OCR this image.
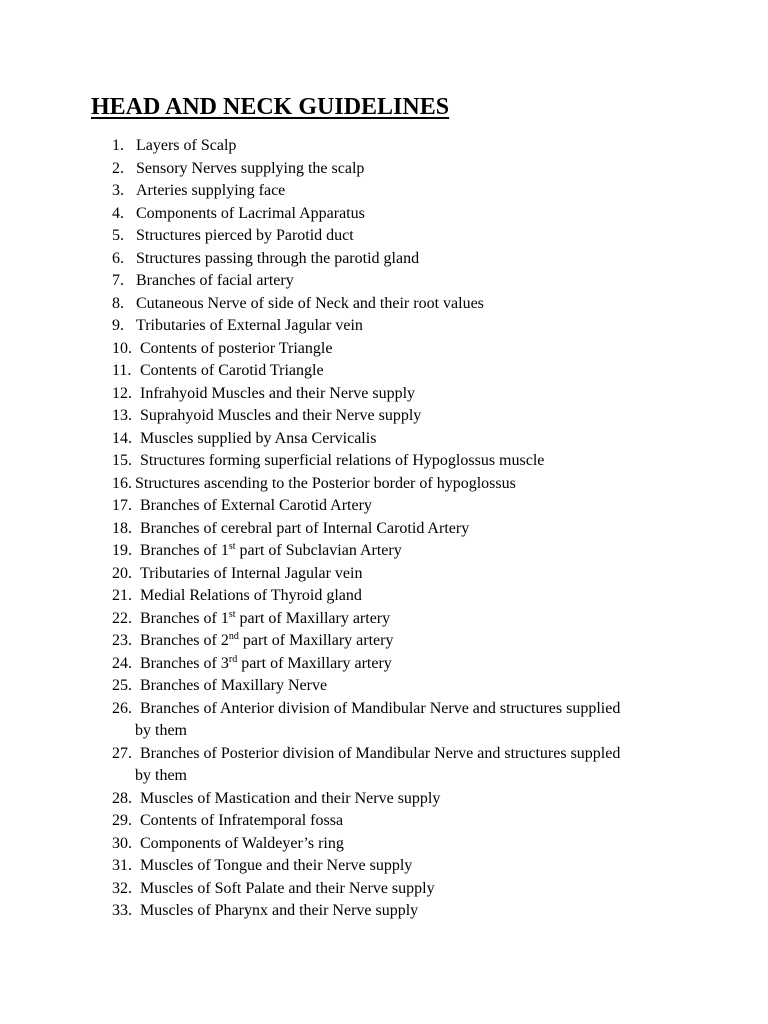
HEAD AND NECK GUIDELINES
1. Layers of Scalp
2. Sensory Nerves supplying the scalp
3. Arteries supplying face
4. Components of Lacrimal Apparatus
5. Structures pierced by Parotid duct
6. Structures passing through the parotid gland
7. Branches of facial artery
8. Cutaneous Nerve of side of Neck and their root values
9. Tributaries of External Jagular vein
10. Contents of posterior Triangle
11. Contents of Carotid Triangle
12. Infrahyoid Muscles and their Nerve supply
13. Suprahyoid Muscles and their Nerve supply
14. Muscles supplied by Ansa Cervicalis
15. Structures forming superficial relations of Hypoglossus muscle
16. Structures ascending to the Posterior border of hypoglossus
17. Branches of External Carotid Artery
18. Branches of cerebral part of Internal Carotid Artery
19. Branches of 1st part of Subclavian Artery
20. Tributaries of Internal Jagular vein
21. Medial Relations of Thyroid gland
22. Branches of 1st part of Maxillary artery
23. Branches of 2nd part of Maxillary artery
24. Branches of 3rd part of Maxillary artery
25. Branches of Maxillary Nerve
26. Branches of Anterior division of Mandibular Nerve and structures supplied
by them
27. Branches of Posterior division of Mandibular Nerve and structures suppled
by them
28. Muscles of Mastication and their Nerve supply
29. Contents of Infratemporal fossa
30. Components of Waldeyer’s ring
31. Muscles of Tongue and their Nerve supply
32. Muscles of Soft Palate and their Nerve supply
33. Muscles of Pharynx and their Nerve supply
